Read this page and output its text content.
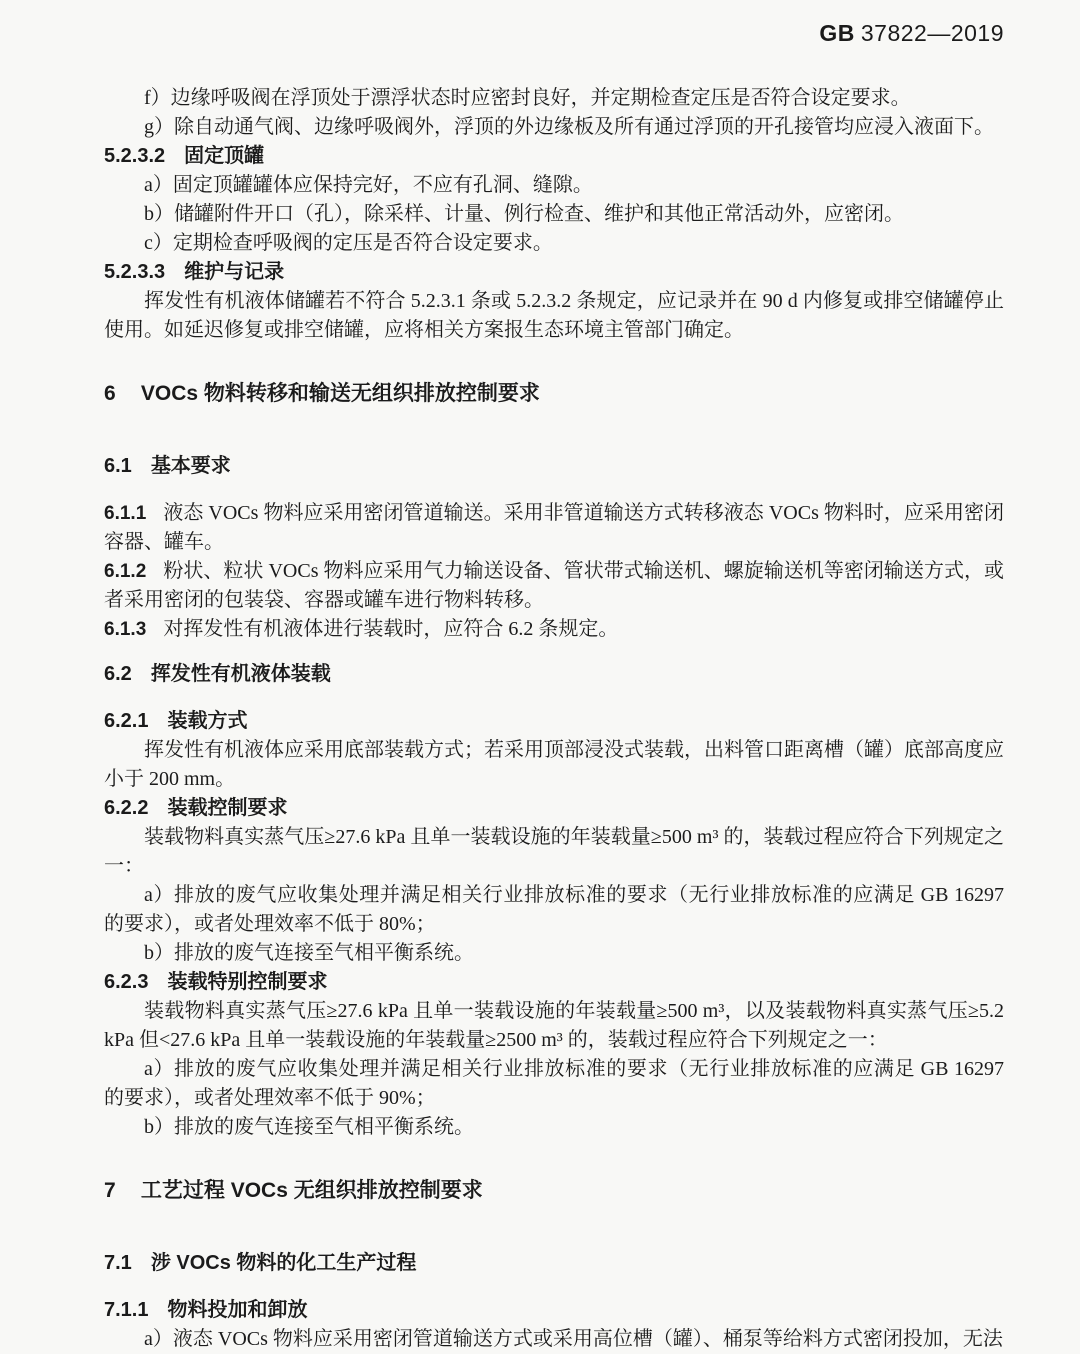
GB 37822—2019

f）边缘呼吸阀在浮顶处于漂浮状态时应密封良好，并定期检查定压是否符合设定要求。

g）除自动通气阀、边缘呼吸阀外，浮顶的外边缘板及所有通过浮顶的开孔接管均应浸入液面下。

5.2.3.2 固定顶罐

a）固定顶罐罐体应保持完好，不应有孔洞、缝隙。

b）储罐附件开口（孔），除采样、计量、例行检查、维护和其他正常活动外，应密闭。

c）定期检查呼吸阀的定压是否符合设定要求。

5.2.3.3 维护与记录

挥发性有机液体储罐若不符合 5.2.3.1 条或 5.2.3.2 条规定，应记录并在 90 d 内修复或排空储罐停止使用。如延迟修复或排空储罐，应将相关方案报生态环境主管部门确定。

6 VOCs 物料转移和输送无组织排放控制要求
6.1 基本要求

6.1.1 液态 VOCs 物料应采用密闭管道输送。采用非管道输送方式转移液态 VOCs 物料时，应采用密闭容器、罐车。

6.1.2 粉状、粒状 VOCs 物料应采用气力输送设备、管状带式输送机、螺旋输送机等密闭输送方式，或者采用密闭的包装袋、容器或罐车进行物料转移。

6.1.3 对挥发性有机液体进行装载时，应符合 6.2 条规定。

6.2 挥发性有机液体装载
6.2.1 装载方式

挥发性有机液体应采用底部装载方式；若采用顶部浸没式装载，出料管口距离槽（罐）底部高度应小于 200 mm。

6.2.2 装载控制要求

装载物料真实蒸气压≥27.6 kPa 且单一装载设施的年装载量≥500 m³ 的，装载过程应符合下列规定之一：

a）排放的废气应收集处理并满足相关行业排放标准的要求（无行业排放标准的应满足 GB 16297 的要求），或者处理效率不低于 80%；

b）排放的废气连接至气相平衡系统。

6.2.3 装载特别控制要求

装载物料真实蒸气压≥27.6 kPa 且单一装载设施的年装载量≥500 m³，以及装载物料真实蒸气压≥5.2 kPa 但<27.6 kPa 且单一装载设施的年装载量≥2500 m³ 的，装载过程应符合下列规定之一：

a）排放的废气应收集处理并满足相关行业排放标准的要求（无行业排放标准的应满足 GB 16297 的要求），或者处理效率不低于 90%；

b）排放的废气连接至气相平衡系统。

7 工艺过程 VOCs 无组织排放控制要求
7.1 涉 VOCs 物料的化工生产过程
7.1.1 物料投加和卸放

a）液态 VOCs 物料应采用密闭管道输送方式或采用高位槽（罐）、桶泵等给料方式密闭投加，无法
